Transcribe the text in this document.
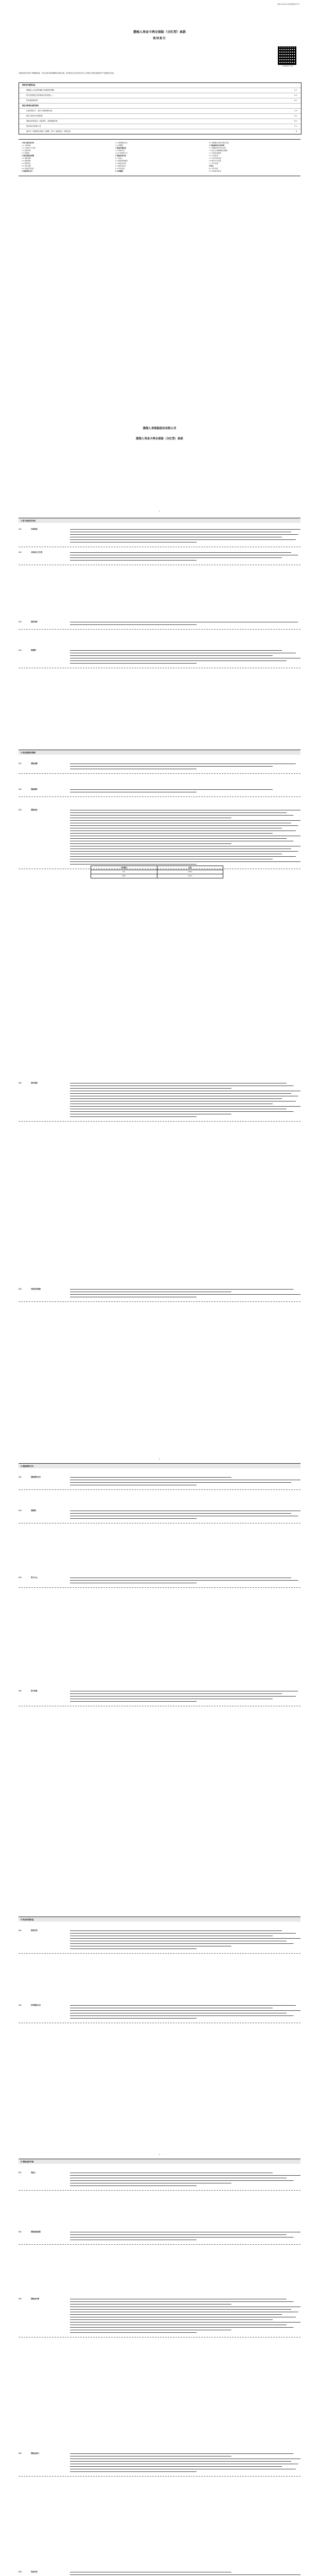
渤海人寿[2021]疾病保险012号
渤海人寿金卡两全保险（分红型）条款
阅读指引
扫码查看电子条款
本阅读指引有助于您理解条款，对本合同内容的解释以条款为准。您有权在合同生效后在本公司的官方网站查询到本产品的相关信息。
您拥有的重要权益
被保险人可以获得保险合同提供的保障	2.1
您可以按规定享有保单红利分配权……	2.2
您有退保的权利	6.1
您应当特别注意的事项
在某些情况下，我们不承担保险责任	2.4
您应当按时支付保险费	3.2
退保会给您造成一定的损失，请您慎重决策	6.2
您有如实告知的义务	7.1
我们对一些重要术语进行了解释，并作了显著标识，请您注意	9
1 您与我们的合同
1.1 合同构成
1.2 合同成立与生效
1.3 投保年龄
1.4 犹豫期
2 我们提供的保障
2.1 保险金额
2.2 保险期间
2.3 保险责任
2.4 责任免除
2.5 其他免责条款
3 保险费的支付
3.1 保险费的支付
3.2 宽限期
4 现金价值权益
4.1 保单红利
4.2 红利领取方式
5 保险金的申请
5.1 受益人
5.2 保险事故通知
5.3 保险金申请
5.4 保险金给付
5.5 诉讼时效
6 合同解除
6.1 您解除合同的手续及风险
7 其他需要关注的事项
7.1 明确说明与如实告知
7.2 我们合同解除权的限制
7.3 年龄性别错误
7.4 未还款项
7.5 合同内容变更
7.6 联系方式变更
7.7 争议处理
8 释义
8.1 意外伤害
8.2 有效身份证件
渤海人寿保险股份有限公司
渤海人寿金卡两全保险（分红型）条款
1 您与我们的合同
2 我们提供的保障
3 保险费的支付
4 现金价值权益
5 保险金的申请
1.1	合同构成
1.2	合同成立与生效
1.3	投保年龄
1.4	犹豫期
2.1	保险金额
2.2	保险期间
2.3	保险责任
2.4	责任免除
2.5	其他免责条款
3.1	保险费的支付
3.2	宽限期
3.3	效力中止
3.4	效力恢复
4.1	保单红利
4.2	红利领取方式
5.1	受益人
5.2	保险事故通知
5.3	保险金申请
5.4	保险金给付
5.5	诉讼时效
交费期间	比例
5年	105%
10年	110%
1
2
3
